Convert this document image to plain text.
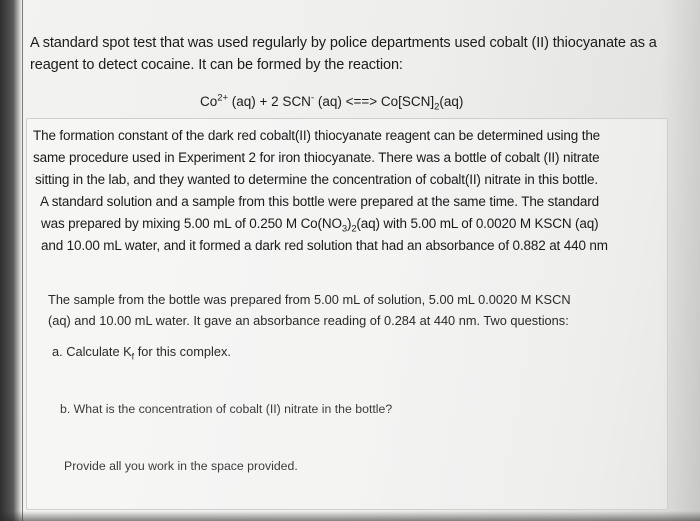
A standard spot test that was used regularly by police departments used cobalt (II) thiocyanate as a

reagent to detect cocaine. It can be formed by the reaction:

$Co^{2+}$ (aq) + 2 SCN- (aq) <==> $Co[SCN]_2(aq)$

The formation constant of the dark red cobalt(II) thiocyanate reagent can be determined using the

same procedure used in Experiment 2 for iron thiocyanate. There was a bottle of cobalt (II) nitrate

sitting in the lab, and they wanted to determine the concentration of cobalt(II) nitrate in this bottle.

A standard solution and a sample from this bottle were prepared at the same time. The standard

was prepared by mixing 5.00 mL of 0.250 M $Co(NO_3)_2(aq)$ with 5.00 mL of 0.0020 M KSCN (aq)

and 10.00 mL water, and it formed a dark red solution that had an absorbance of 0.882 at 440 nm

The sample from the bottle was prepared from 5.00 mL of solution, 5.00 mL 0.0020 M KSCN

(aq) and 10.00 mL water. It gave an absorbance reading of 0.284 at 440 nm. Two questions:

a. Calculate $K_f$ for this complex.

b. What is the concentration of cobalt (II) nitrate in the bottle?

Provide all you work in the space provided.
